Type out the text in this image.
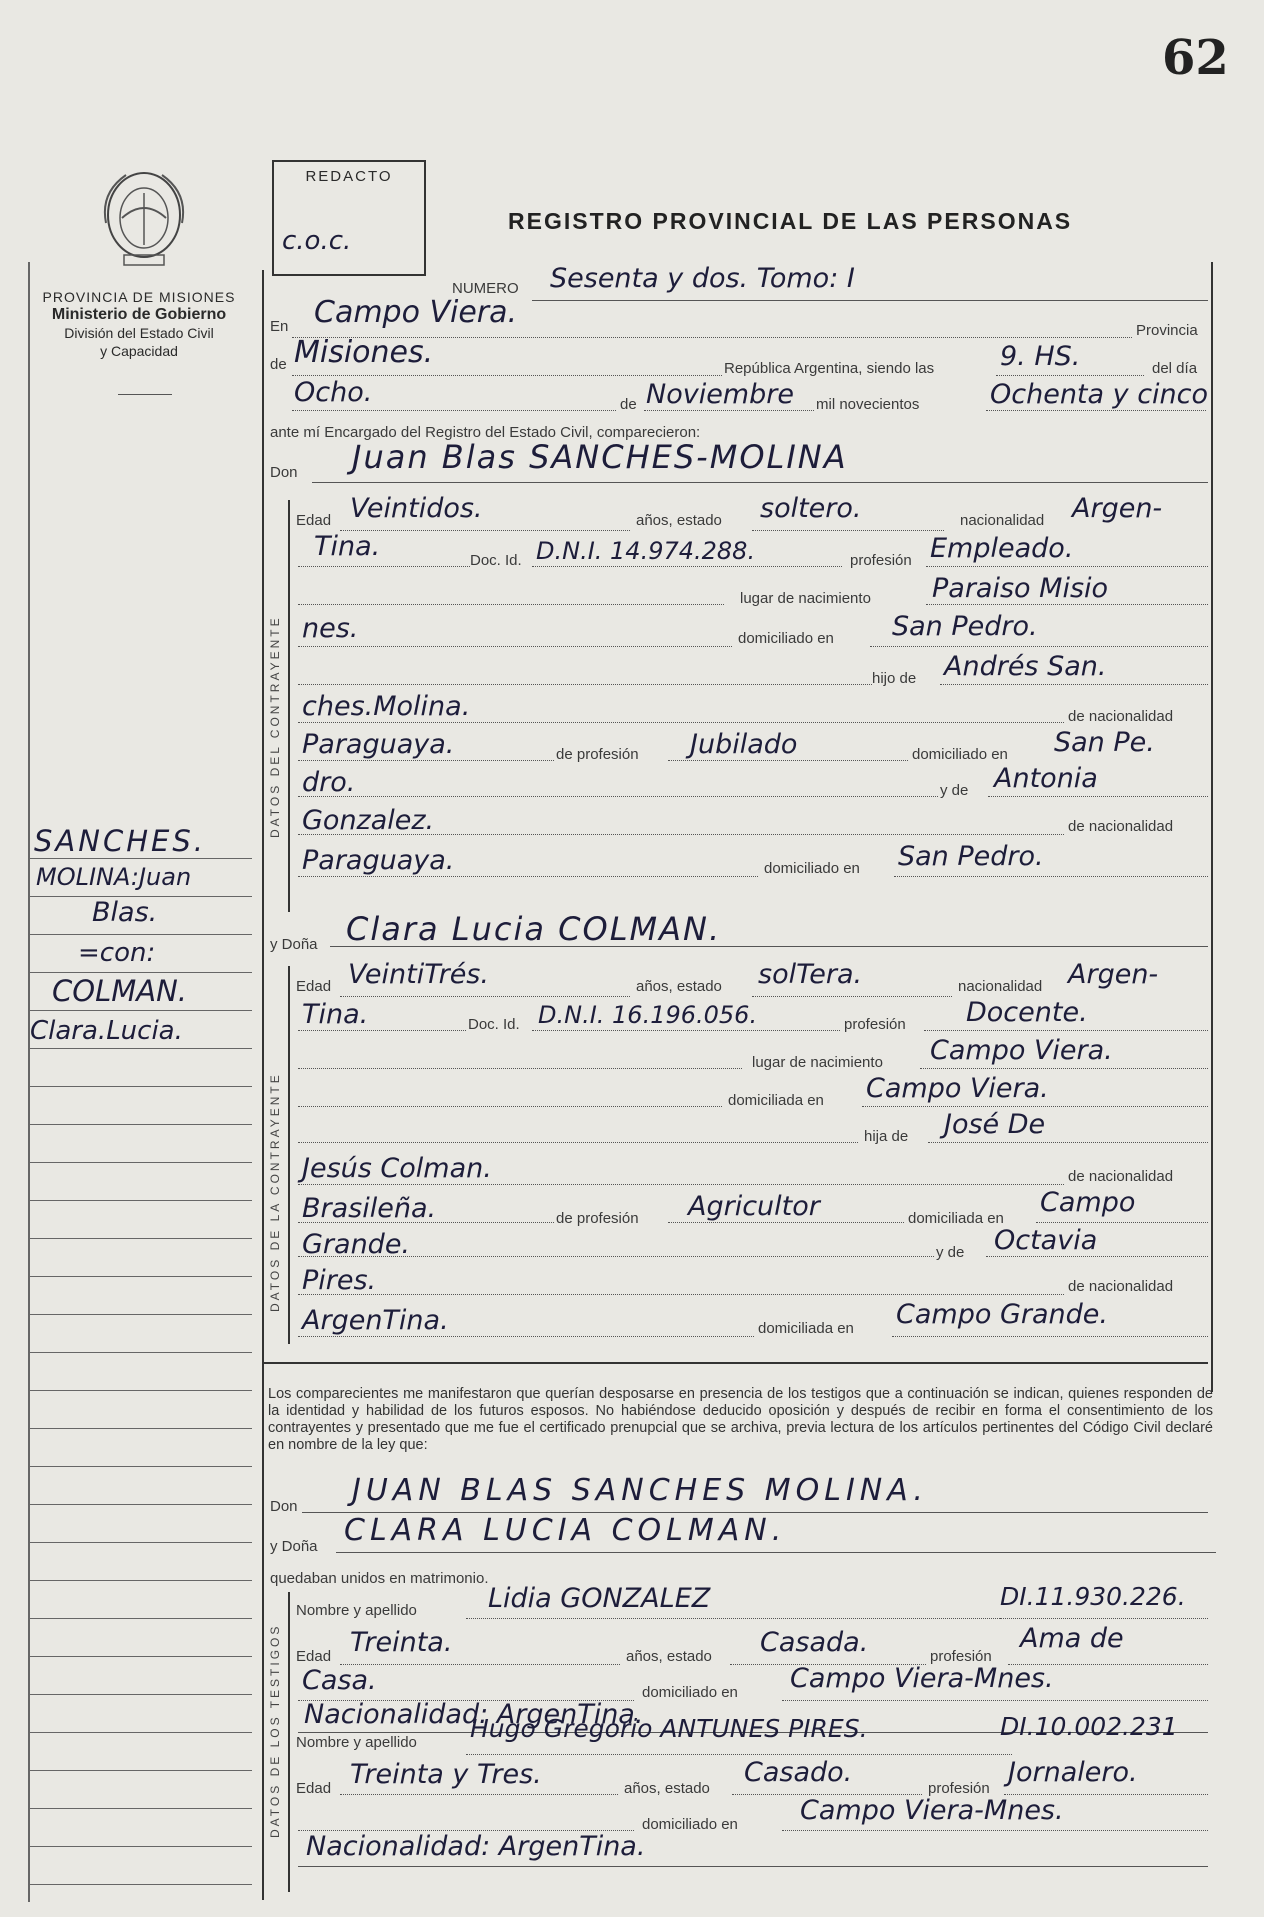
62
PROVINCIA DE MISIONES
Ministerio de Gobierno
División del Estado Civil
y Capacidad
REDACTO
c.o.c.
REGISTRO PROVINCIAL DE LAS PERSONAS
NUMERO Sesenta y dos. Tomo: I
En Campo Viera.
Provincia
de Misiones.	República Argentina, siendo las 9. HS.	del día
Ocho.	de Noviembre mil novecientos	Ochenta y cinco
ante mí Encargado del Registro del Estado Civil, comparecieron:
Don Juan Blas SANCHES-MOLINA
DATOS DEL CONTRAYENTE
Edad Veintidos.	años, estado soltero.	nacionalidad Argen-
Tina.	Doc. Id. D.N.I. 14.974.288.	profesión Empleado.
lugar de nacimiento Paraiso Misio
nes.	domiciliado en San Pedro.
hijo de Andrés San.
ches.Molina.	de nacionalidad
Paraguaya.	de profesión Jubilado	domiciliado en San Pe.
dro.	y de Antonia
Gonzalez.	de nacionalidad
Paraguaya.	domiciliado en San Pedro.
y Doña Clara Lucia COLMAN.
DATOS DE LA CONTRAYENTE
Edad VeintiTrés.	años, estado solTera.	nacionalidad Argen-
Tina.	Doc. Id. D.N.I. 16.196.056.	profesión Docente.
lugar de nacimiento Campo Viera.
domiciliada en Campo Viera.
hija de José De
Jesús Colman.	de nacionalidad
Brasileña.	de profesión Agricultor	domiciliada en
Campo
Grande.	y de Octavia
Pires.	de nacionalidad
ArgenTina.	domiciliada en Campo Grande.
Los comparecientes me manifestaron que querían desposarse en presencia de los testigos que a continuación se indican, quienes responden de la identidad y habilidad de los futuros esposos. No habiéndose deducido oposición y después de recibir en forma el consentimiento de los contrayentes y presentado que me fue el certificado prenupcial que se archiva, previa lectura de los artículos pertinentes del Código Civil declaré en nombre de la ley que:
Don JUAN BLAS SANCHES MOLINA.
y Doña CLARA LUCIA COLMAN.
quedaban unidos en matrimonio.
DATOS DE LOS TESTIGOS
Nombre y apellido	Lidia GONZALEZ	DI.11.930.226.
Edad Treinta.	años, estado Casada.	profesión
Ama de
Casa.	domiciliado en Campo Viera-Mnes.
Nacionalidad: ArgenTina.
Nombre y apellido Hugo Gregorio ANTUNES PIRES.	DI.10.002.231
Edad Treinta y Tres.	años, estado
Casado.
profesión
Jornalero.
domiciliado en Campo Viera-Mnes.
Nacionalidad: ArgenTina.
SANCHES.
MOLINA:Juan
Blas.
=con:
COLMAN.
Clara.Lucia.
